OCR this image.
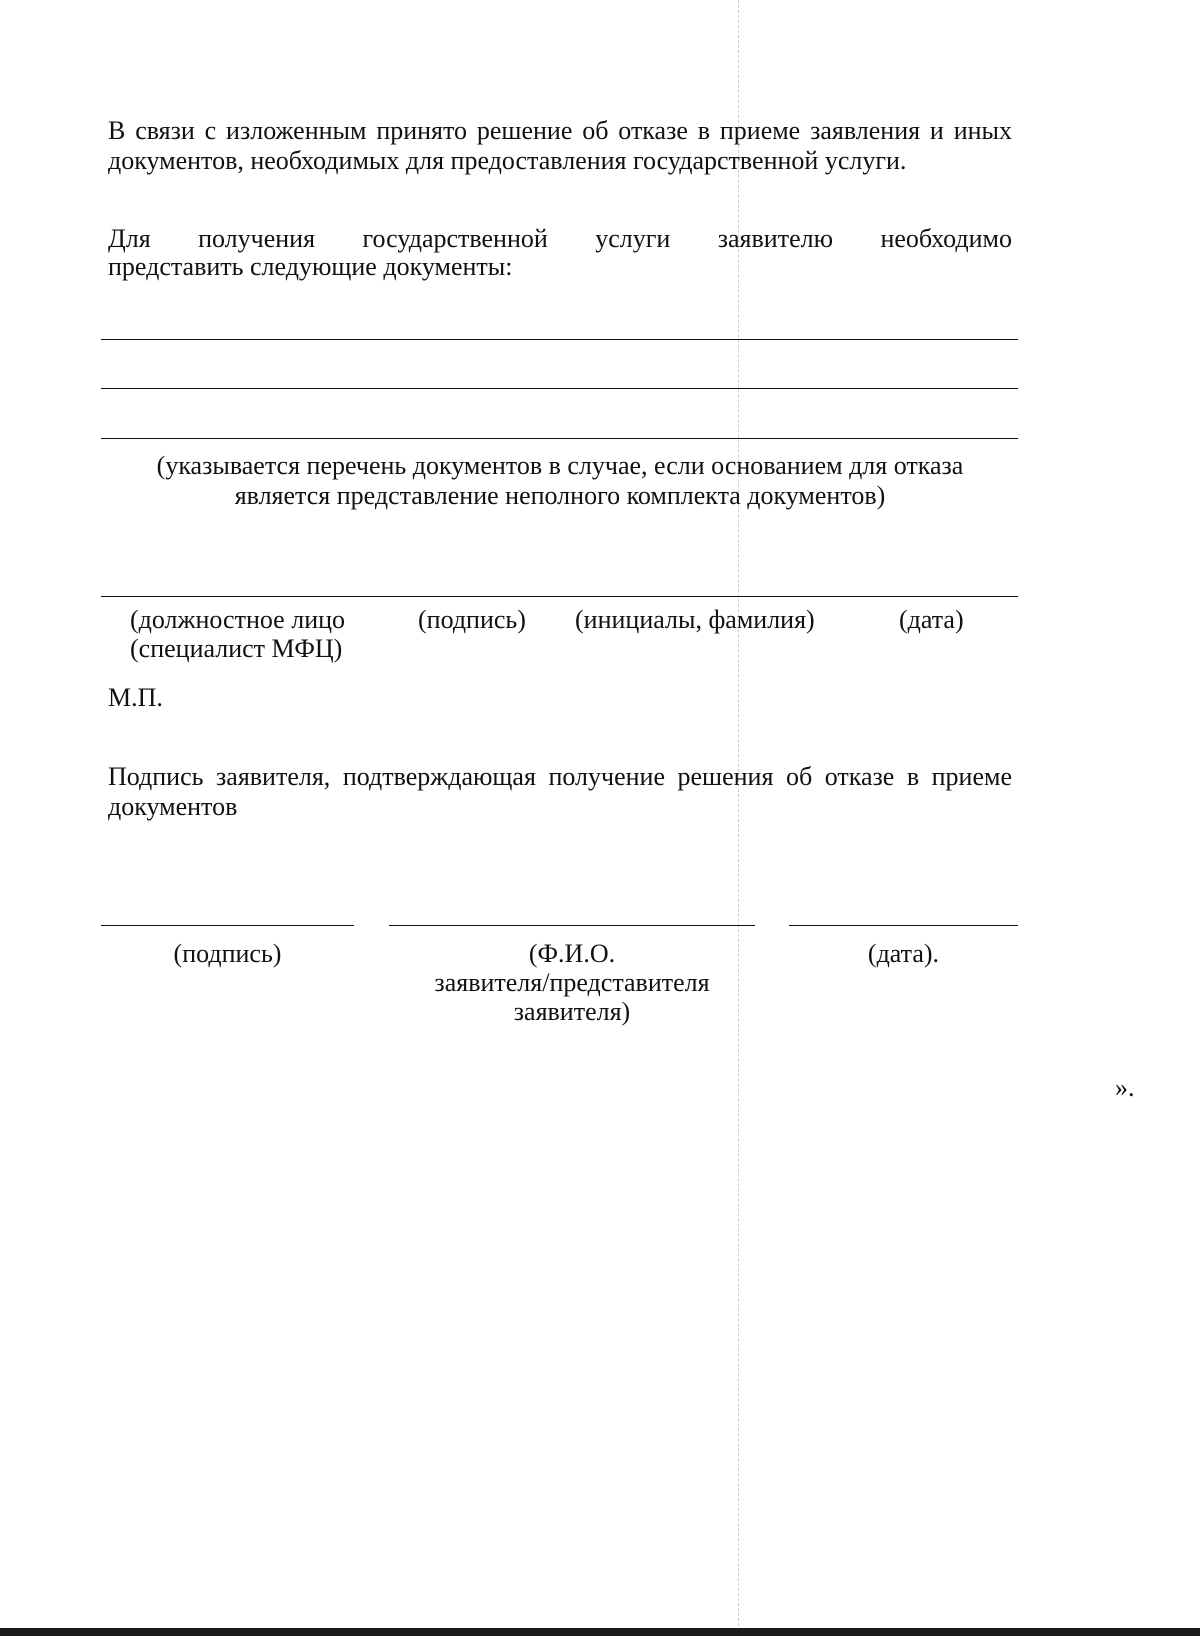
В связи с изложенным принято решение об отказе в приеме заявления и иных документов, необходимых для предоставления государственной услуги.
Для получения государственной услуги заявителю необходимо
представить следующие документы:
(указывается перечень документов в случае, если основанием для отказа является представление неполного комплекта документов)
(должностное лицо
(специалист МФЦ)
(подпись) (инициалы, фамилия)	(дата)
М.П.
Подпись заявителя, подтверждающая получение решения об отказе в приеме документов
(подпись)	(Ф.И.О.
заявителя/представителя
заявителя)
(дата).
».
